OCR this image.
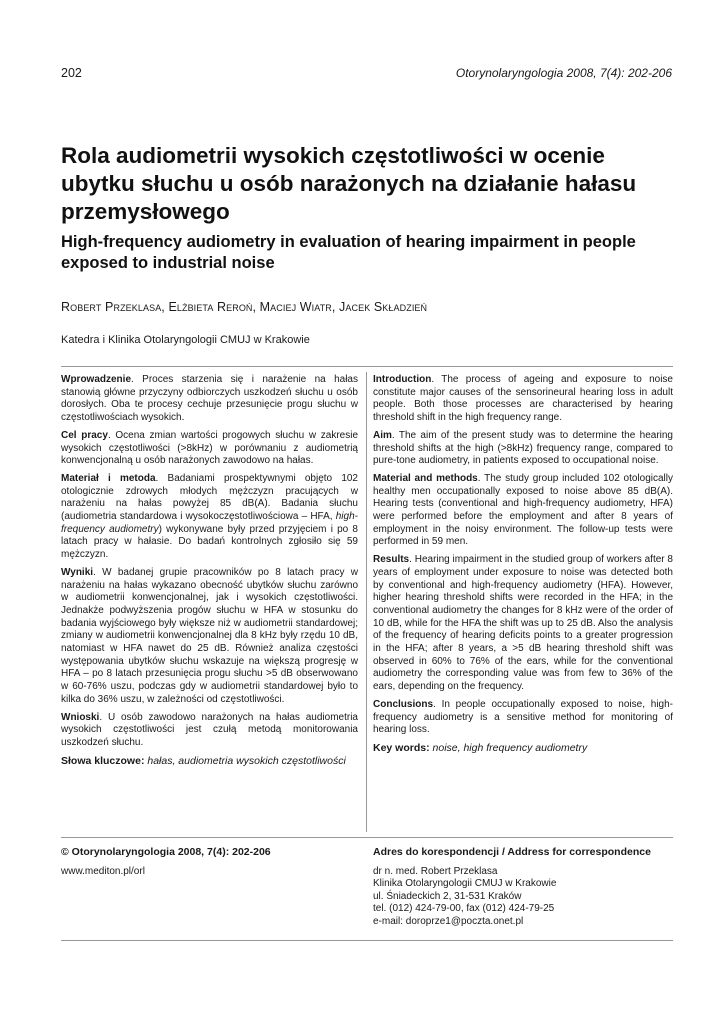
202	Otorynolaryngologia 2008, 7(4): 202-206
Rola audiometrii wysokich częstotliwości w ocenie ubytku słuchu u osób narażonych na działanie hałasu przemysłowego
High-frequency audiometry in evaluation of hearing impairment in people exposed to industrial noise
Robert Przeklasa, Elżbieta Reroń, Maciej Wiatr, Jacek Składzień
Katedra i Klinika Otolaryngologii CMUJ w Krakowie

Wprowadzenie. Proces starzenia się i narażenie na hałas stanowią główne przyczyny odbiorczych uszkodzeń słuchu u osób dorosłych. Oba te procesy cechuje przesunięcie progu słuchu w częstotliwościach wysokich.

Cel pracy. Ocena zmian wartości progowych słuchu w zakresie wysokich częstotliwości (>8kHz) w porównaniu z audiometrią konwencjonalną u osób narażonych zawodowo na hałas.

Materiał i metoda. Badaniami prospektywnymi objęto 102 otologicznie zdrowych młodych mężczyzn pracujących w narażeniu na hałas powyżej 85 dB(A). Badania słuchu (audiometria standardowa i wysokoczęstotliwościowa – HFA, high-frequency audiometry) wykonywane były przed przyjęciem i po 8 latach pracy w hałasie. Do badań kontrolnych zgłosiło się 59 mężczyzn.

Wyniki. W badanej grupie pracowników po 8 latach pracy w narażeniu na hałas wykazano obecność ubytków słuchu zarówno w audiometrii konwencjonalnej, jak i wysokich częstotliwości. Jednakże podwyższenia progów słuchu w HFA w stosunku do badania wyjściowego były większe niż w audiometrii standardowej; zmiany w audiometrii konwencjonalnej dla 8 kHz były rzędu 10 dB, natomiast w HFA nawet do 25 dB. Również analiza częstości występowania ubytków słuchu wskazuje na większą progresję w HFA – po 8 latach przesunięcia progu słuchu >5 dB obserwowano w 60-76% uszu, podczas gdy w audiometrii standardowej było to kilka do 36% uszu, w zależności od częstotliwości.

Wnioski. U osób zawodowo narażonych na hałas audiometria wysokich częstotliwości jest czułą metodą monitorowania uszkodzeń słuchu.

Słowa kluczowe: hałas, audiometria wysokich częstotliwości

Introduction. The process of ageing and exposure to noise constitute major causes of the sensorineural hearing loss in adult people. Both those processes are characterised by hearing threshold shift in the high frequency range.

Aim. The aim of the present study was to determine the hearing threshold shifts at the high (>8kHz) frequency range, compared to pure-tone audiometry, in patients exposed to occupational noise.

Material and methods. The study group included 102 otologically healthy men occupationally exposed to noise above 85 dB(A). Hearing tests (conventional and high-frequency audiometry, HFA) were performed before the employment and after 8 years of employment in the noisy environment. The follow-up tests were performed in 59 men.

Results. Hearing impairment in the studied group of workers after 8 years of employment under exposure to noise was detected both by conventional and high-frequency audiometry (HFA). However, higher hearing threshold shifts were recorded in the HFA; in the conventional audiometry the changes for 8 kHz were of the order of 10 dB, while for the HFA the shift was up to 25 dB. Also the analysis of the frequency of hearing deficits points to a greater progression in the HFA; after 8 years, a >5 dB hearing threshold shift was observed in 60% to 76% of the ears, while for the conventional audiometry the corresponding value was from few to 36% of the ears, depending on the frequency.

Conclusions. In people occupationally exposed to noise, high-frequency audiometry is a sensitive method for monitoring of hearing loss.

Key words: noise, high frequency audiometry

© Otorynolaryngologia 2008, 7(4): 202-206
www.mediton.pl/orl
Adres do korespondencji / Address for correspondence
dr n. med. Robert Przeklasa
Klinika Otolaryngologii CMUJ w Krakowie
ul. Śniadeckich 2, 31-531 Kraków
tel. (012) 424-79-00, fax (012) 424-79-25
e-mail: doroprze1@poczta.onet.pl
